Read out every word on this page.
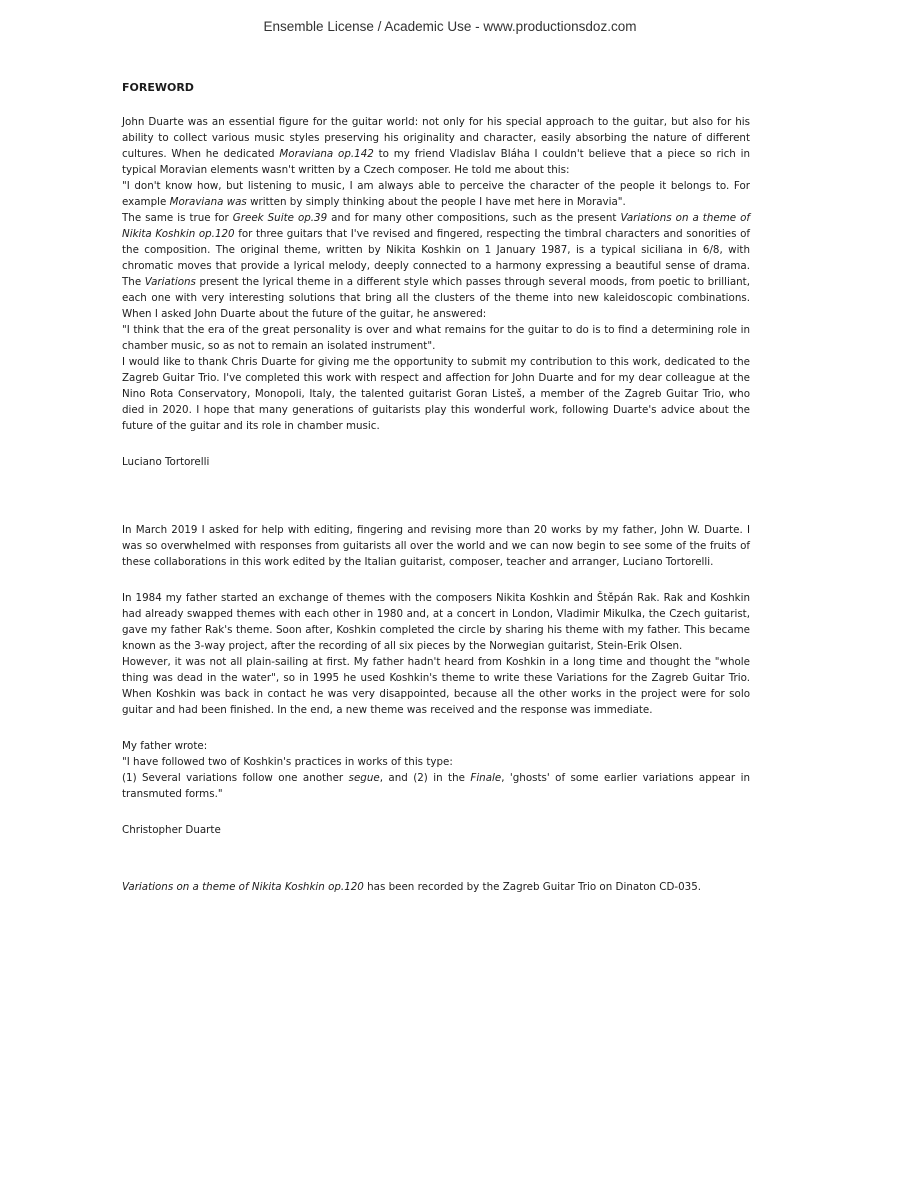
Ensemble License / Academic Use - www.productionsdoz.com
FOREWORD

John Duarte was an essential figure for the guitar world: not only for his special approach to the guitar, but also for his ability to collect various music styles preserving his originality and character, easily absorbing the nature of different cultures. When he dedicated Moraviana op.142 to my friend Vladislav Bláha I couldn't believe that a piece so rich in typical Moravian elements wasn't written by a Czech composer. He told me about this:

"I don't know how, but listening to music, I am always able to perceive the character of the people it belongs to. For example Moraviana was written by simply thinking about the people I have met here in Moravia".

The same is true for Greek Suite op.39 and for many other compositions, such as the present Variations on a theme of Nikita Koshkin op.120 for three guitars that I've revised and fingered, respecting the timbral characters and sonorities of the composition. The original theme, written by Nikita Koshkin on 1 January 1987, is a typical siciliana in 6/8, with chromatic moves that provide a lyrical melody, deeply connected to a harmony expressing a beautiful sense of drama. The Variations present the lyrical theme in a different style which passes through several moods, from poetic to brilliant, each one with very interesting solutions that bring all the clusters of the theme into new kaleidoscopic combinations. When I asked John Duarte about the future of the guitar, he answered:

"I think that the era of the great personality is over and what remains for the guitar to do is to find a determining role in chamber music, so as not to remain an isolated instrument".

I would like to thank Chris Duarte for giving me the opportunity to submit my contribution to this work, dedicated to the Zagreb Guitar Trio. I've completed this work with respect and affection for John Duarte and for my dear colleague at the Nino Rota Conservatory, Monopoli, Italy, the talented guitarist Goran Listeš, a member of the Zagreb Guitar Trio, who died in 2020. I hope that many generations of guitarists play this wonderful work, following Duarte's advice about the future of the guitar and its role in chamber music.

Luciano Tortorelli
In March 2019 I asked for help with editing, fingering and revising more than 20 works by my father, John W. Duarte. I was so overwhelmed with responses from guitarists all over the world and we can now begin to see some of the fruits of these collaborations in this work edited by the Italian guitarist, composer, teacher and arranger, Luciano Tortorelli.

In 1984 my father started an exchange of themes with the composers Nikita Koshkin and Štěpán Rak. Rak and Koshkin had already swapped themes with each other in 1980 and, at a concert in London, Vladimir Mikulka, the Czech guitarist, gave my father Rak's theme. Soon after, Koshkin completed the circle by sharing his theme with my father. This became known as the 3-way project, after the recording of all six pieces by the Norwegian guitarist, Stein-Erik Olsen.

However, it was not all plain-sailing at first. My father hadn't heard from Koshkin in a long time and thought the "whole thing was dead in the water", so in 1995 he used Koshkin's theme to write these Variations for the Zagreb Guitar Trio. When Koshkin was back in contact he was very disappointed, because all the other works in the project were for solo guitar and had been finished. In the end, a new theme was received and the response was immediate.

My father wrote:

"I have followed two of Koshkin's practices in works of this type:

(1) Several variations follow one another segue, and (2) in the Finale, 'ghosts' of some earlier variations appear in transmuted forms."

Christopher Duarte
Variations on a theme of Nikita Koshkin op.120 has been recorded by the Zagreb Guitar Trio on Dinaton CD-035.
